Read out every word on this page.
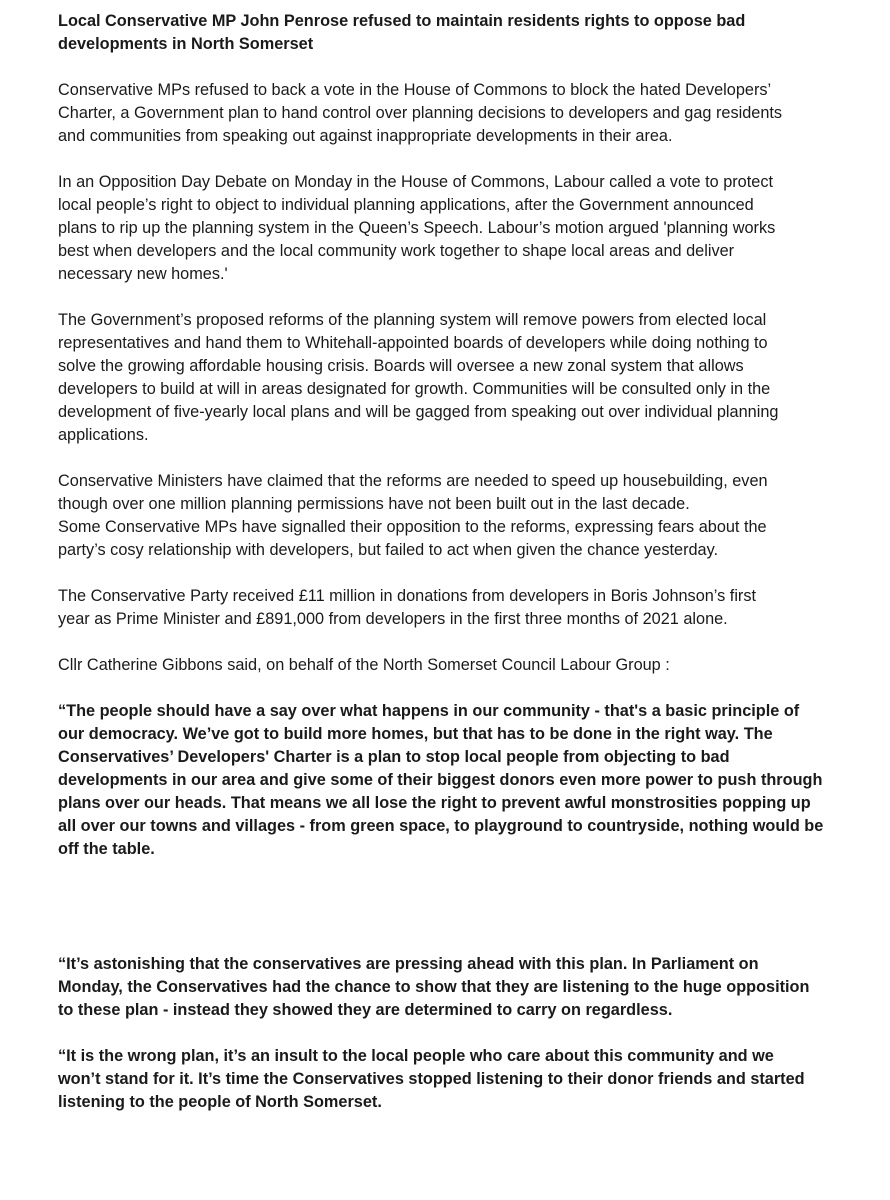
Local Conservative MP John Penrose refused to maintain residents rights to oppose bad
developments in North Somerset
Conservative MPs refused to back a vote in the House of Commons to block the hated Developers’
Charter, a Government plan to hand control over planning decisions to developers and gag residents
and communities from speaking out against inappropriate developments in their area.
In an Opposition Day Debate on Monday in the House of Commons, Labour called a vote to protect
local people’s right to object to individual planning applications, after the Government announced
plans to rip up the planning system in the Queen’s Speech. Labour’s motion argued 'planning works
best when developers and the local community work together to shape local areas and deliver
necessary new homes.'
The Government’s proposed reforms of the planning system will remove powers from elected local
representatives and hand them to Whitehall-appointed boards of developers while doing nothing to
solve the growing affordable housing crisis. Boards will oversee a new zonal system that allows
developers to build at will in areas designated for growth. Communities will be consulted only in the
development of five-yearly local plans and will be gagged from speaking out over individual planning
applications.
Conservative Ministers have claimed that the reforms are needed to speed up housebuilding, even
though over one million planning permissions have not been built out in the last decade.
Some Conservative MPs have signalled their opposition to the reforms, expressing fears about the
party’s cosy relationship with developers, but failed to act when given the chance yesterday.
The Conservative Party received £11 million in donations from developers in Boris Johnson’s first
year as Prime Minister and £891,000 from developers in the first three months of 2021 alone.
Cllr Catherine Gibbons said, on behalf of the North Somerset Council Labour Group :
“The people should have a say over what happens in our community - that's a basic principle of
our democracy. We’ve got to build more homes, but that has to be done in the right way. The
Conservatives’ Developers' Charter is a plan to stop local people from objecting to bad
developments in our area and give some of their biggest donors even more power to push through
plans over our heads. That means we all lose the right to prevent awful monstrosities popping up
all over our towns and villages - from green space, to playground to countryside, nothing would be
off the table.
“It’s astonishing that the conservatives are pressing ahead with this plan. In Parliament on
Monday, the Conservatives had the chance to show that they are listening to the huge opposition
to these plan - instead they showed they are determined to carry on regardless.
“It is the wrong plan, it’s an insult to the local people who care about this community and we
won’t stand for it. It’s time the Conservatives stopped listening to their donor friends and started
listening to the people of North Somerset.
